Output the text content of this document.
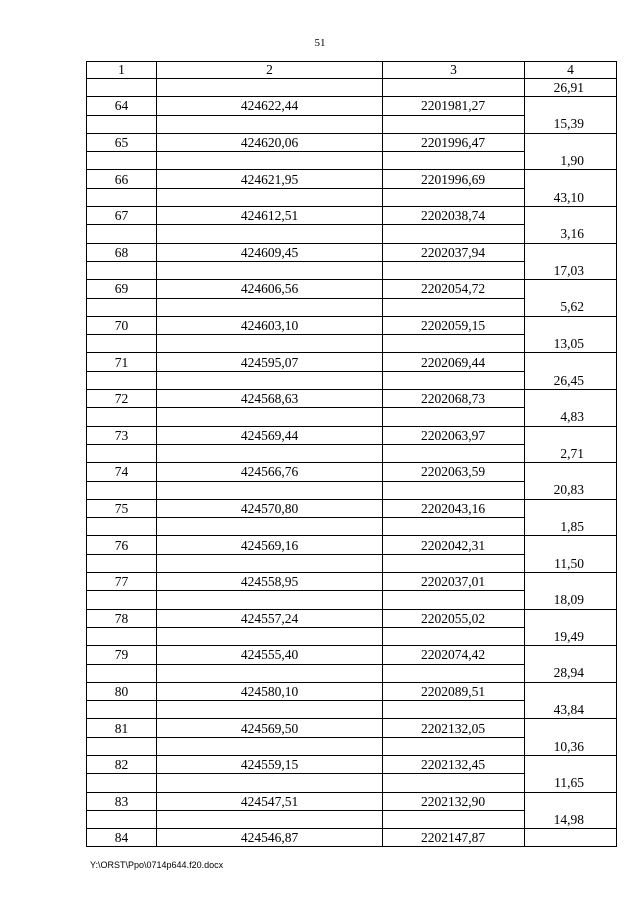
51
1	2	3	4
			26,91
64	424622,44	2201981,27	
			15,39
65	424620,06	2201996,47	
			1,90
66	424621,95	2201996,69	
			43,10
67	424612,51	2202038,74	
			3,16
68	424609,45	2202037,94	
			17,03
69	424606,56	2202054,72	
			5,62
70	424603,10	2202059,15	
			13,05
71	424595,07	2202069,44	
			26,45
72	424568,63	2202068,73	
			4,83
73	424569,44	2202063,97	
			2,71
74	424566,76	2202063,59	
			20,83
75	424570,80	2202043,16	
			1,85
76	424569,16	2202042,31	
			11,50
77	424558,95	2202037,01	
			18,09
78	424557,24	2202055,02	
			19,49
79	424555,40	2202074,42	
			28,94
80	424580,10	2202089,51	
			43,84
81	424569,50	2202132,05	
			10,36
82	424559,15	2202132,45	
			11,65
83	424547,51	2202132,90	
			14,98
84	424546,87	2202147,87	
Y:\ORST\Ppo\0714p644.f20.docx
